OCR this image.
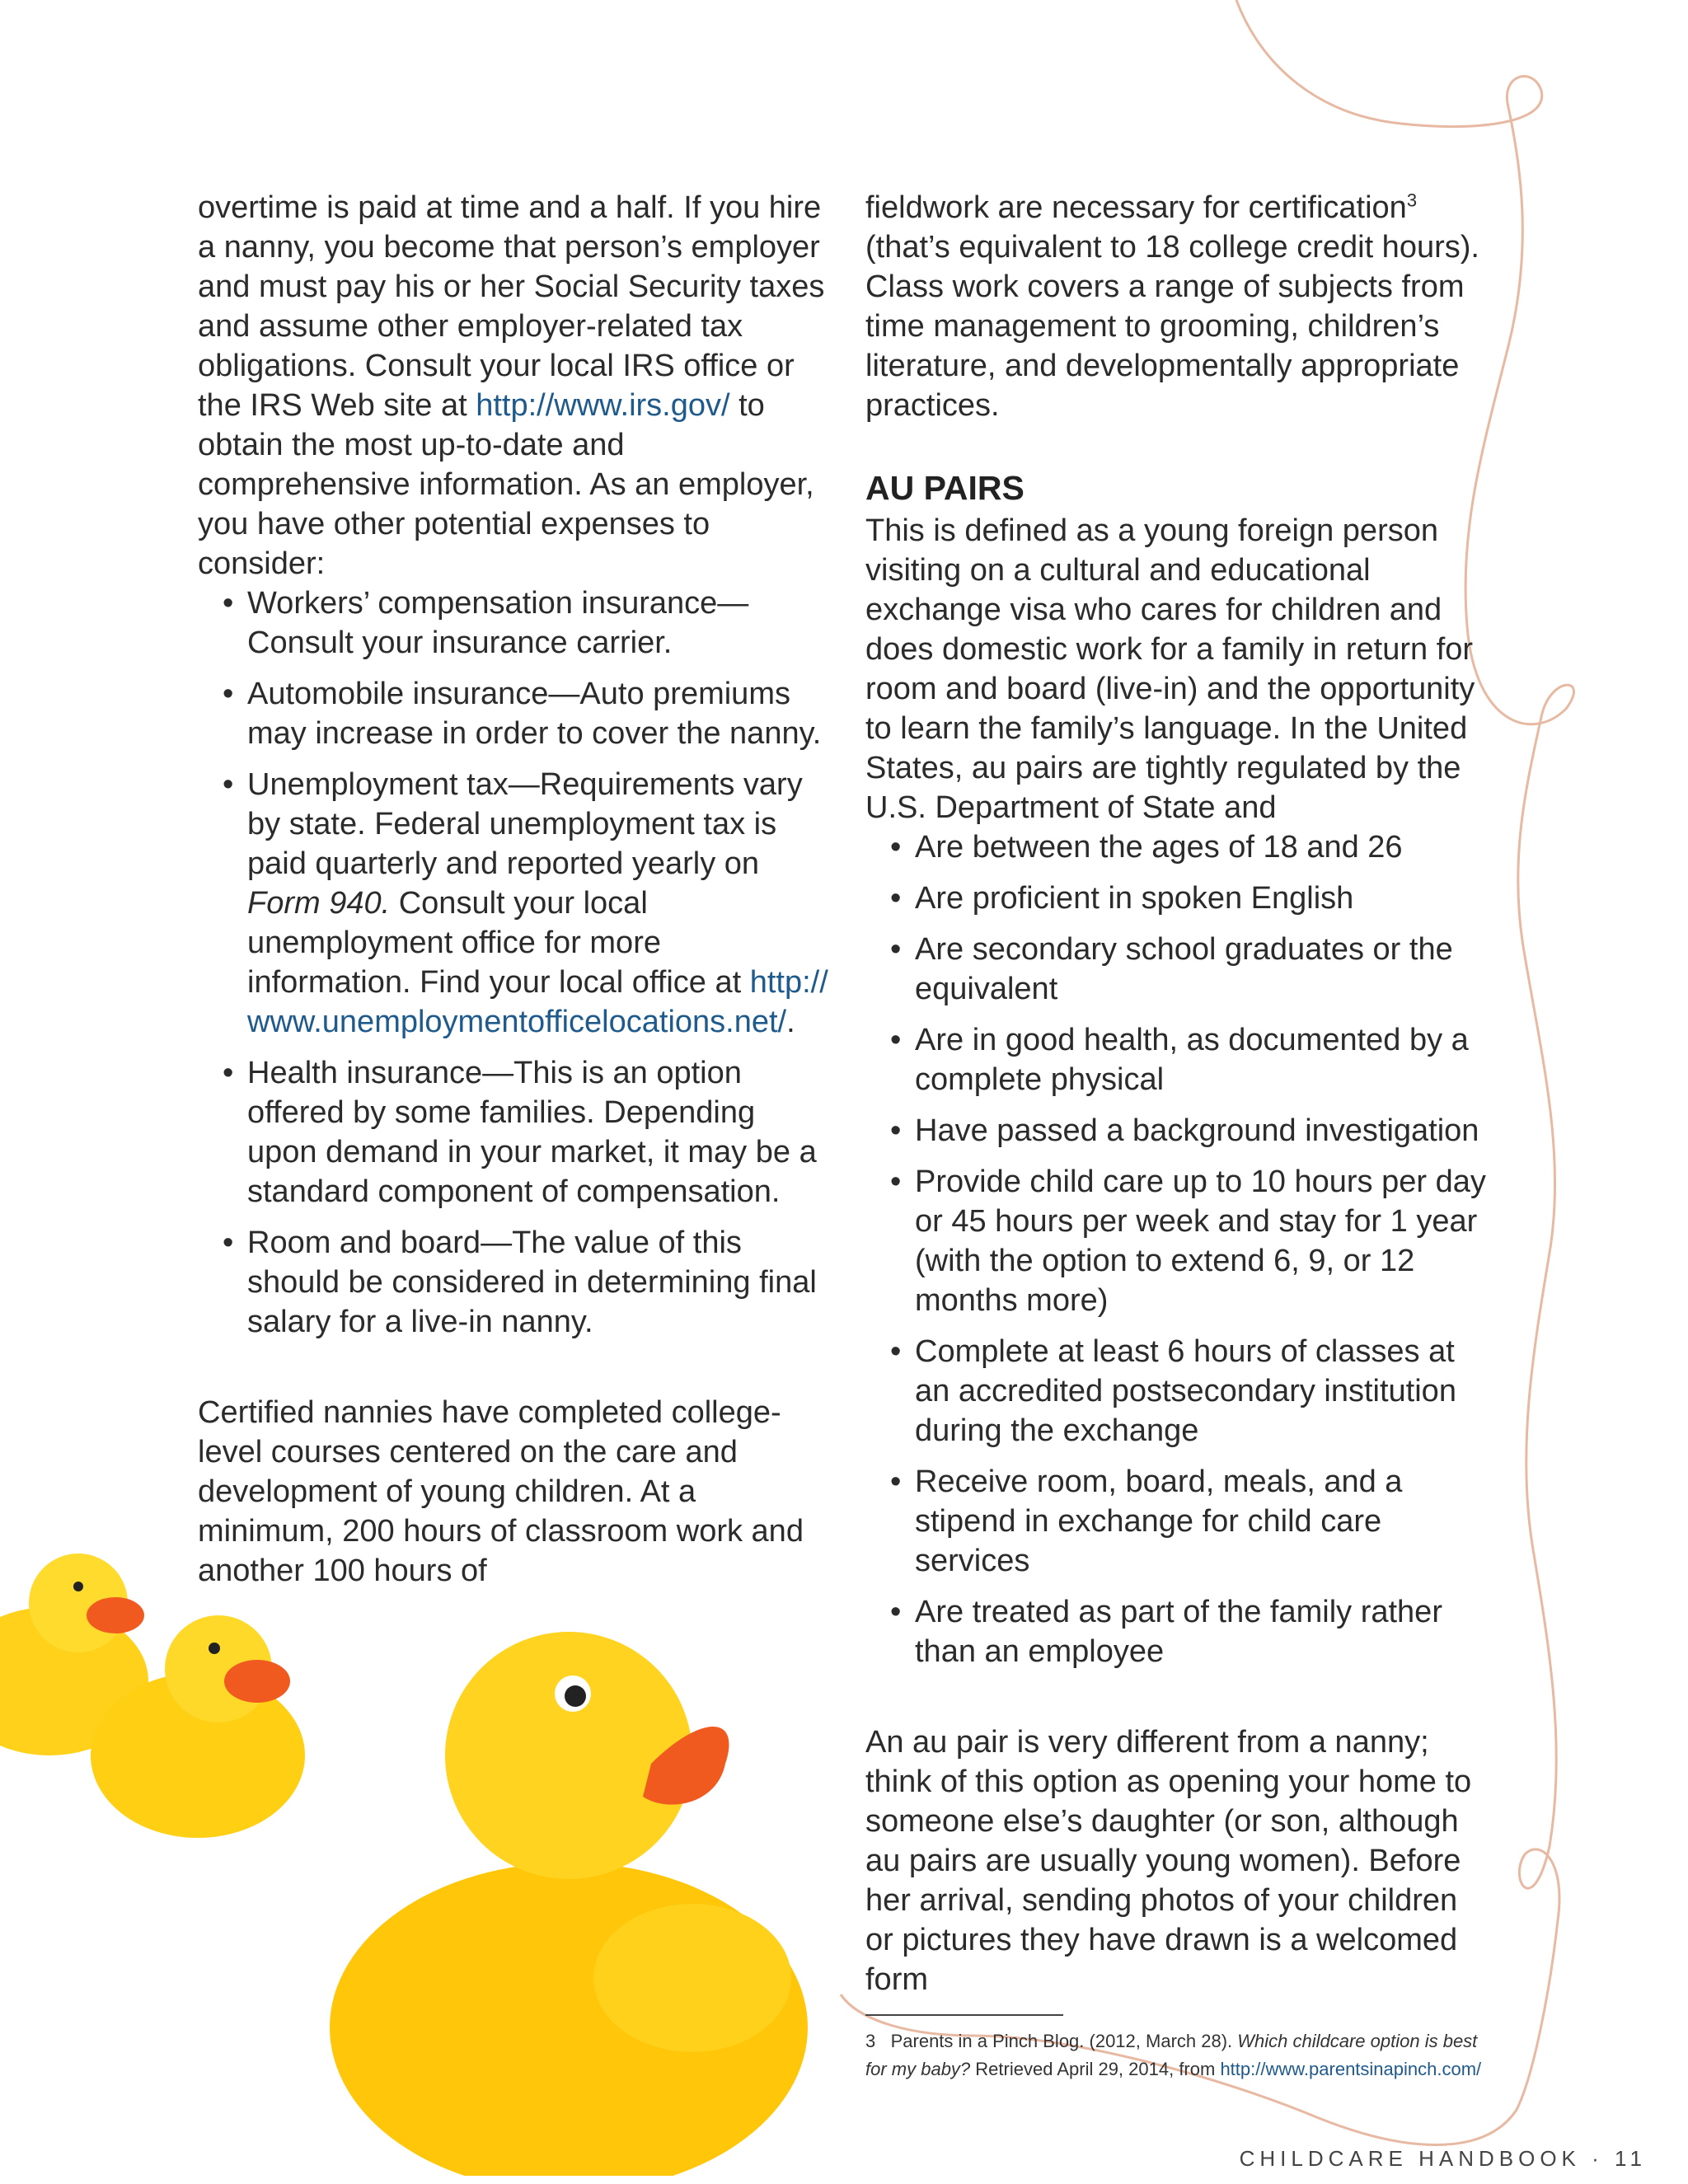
overtime is paid at time and a half. If you hire a nanny, you become that person’s employer and must pay his or her Social Security taxes and assume other employer-related tax obligations. Consult your local IRS office or the IRS Web site at http://www.irs.gov/ to obtain the most up-to-date and comprehensive information. As an employer, you have other potential expenses to consider:

• Workers’ compensation insurance—Consult your insurance carrier.
• Automobile insurance—Auto premiums may increase in order to cover the nanny.
• Unemployment tax—Requirements vary by state. Federal unemployment tax is paid quarterly and reported yearly on Form 940. Consult your local unemployment office for more information. Find your local office at http://www.unemploymentofficelocations.net/.
• Health insurance—This is an option offered by some families. Depending upon demand in your market, it may be a standard component of compensation.
• Room and board—The value of this should be considered in determining final salary for a live-in nanny.

Certified nannies have completed college-level courses centered on the care and development of young children. At a minimum, 200 hours of classroom work and another 100 hours of

fieldwork are necessary for certification$^3$ (that’s equivalent to 18 college credit hours). Class work covers a range of subjects from time management to grooming, children’s literature, and developmentally appropriate practices.

AU PAIRS

This is defined as a young foreign person visiting on a cultural and educational exchange visa who cares for children and does domestic work for a family in return for room and board (live-in) and the opportunity to learn the family’s language. In the United States, au pairs are tightly regulated by the U.S. Department of State and

• Are between the ages of 18 and 26
• Are proficient in spoken English
• Are secondary school graduates or the equivalent
• Are in good health, as documented by a complete physical
• Have passed a background investigation
• Provide child care up to 10 hours per day or 45 hours per week and stay for 1 year (with the option to extend 6, 9, or 12 months more)
• Complete at least 6 hours of classes at an accredited postsecondary institution during the exchange
• Receive room, board, meals, and a stipend in exchange for child care services
• Are treated as part of the family rather than an employee

An au pair is very different from a nanny; think of this option as opening your home to someone else’s daughter (or son, although au pairs are usually young women). Before her arrival, sending photos of your children or pictures they have drawn is a welcomed form

3 Parents in a Pinch Blog. (2012, March 28). Which childcare option is best for my baby? Retrieved April 29, 2014, from http://www.parentsinapinch.com/

CHILDCARE HANDBOOK · 11
